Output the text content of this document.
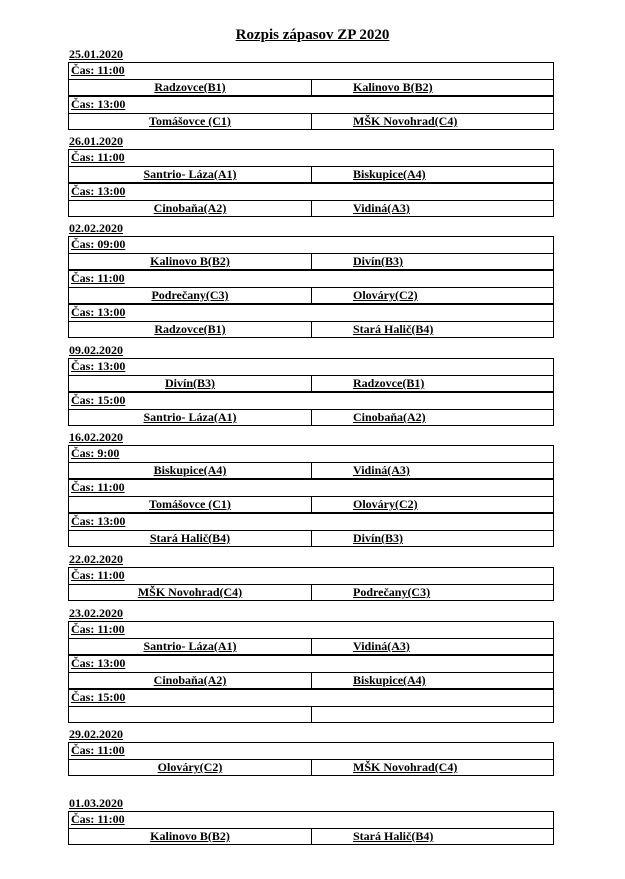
Rozpis zápasov ZP 2020
25.01.2020
Čas: 11:00
Radzovce(B1)	Kalinovo B(B2)
Čas: 13:00
Tomášovce (C1)	MŠK Novohrad(C4)
26.01.2020
Čas: 11:00
Santrio- Láza(A1)	Biskupice(A4)
Čas: 13:00
Cinobaňa(A2)	Vidiná(A3)
02.02.2020
Čas: 09:00
Kalinovo B(B2)	Divín(B3)
Čas: 11:00
Podrečany(C3)	Olováry(C2)
Čas: 13:00
Radzovce(B1)	Stará Halič(B4)
09.02.2020
Čas: 13:00
Divín(B3)	Radzovce(B1)
Čas: 15:00
Santrio- Láza(A1)	Cinobaňa(A2)
16.02.2020
Čas: 9:00
Biskupice(A4)	Vidiná(A3)
Čas: 11:00
Tomášovce (C1)	Olováry(C2)
Čas: 13:00
Stará Halič(B4)	Divín(B3)
22.02.2020
Čas: 11:00
MŠK Novohrad(C4)	Podrečany(C3)
23.02.2020
Čas: 11:00
Santrio- Láza(A1)	Vidiná(A3)
Čas: 13:00
Cinobaňa(A2)	Biskupice(A4)
Čas: 15:00
29.02.2020
Čas: 11:00
Olováry(C2)	MŠK Novohrad(C4)
01.03.2020
Čas: 11:00
Kalinovo B(B2)	Stará Halič(B4)
